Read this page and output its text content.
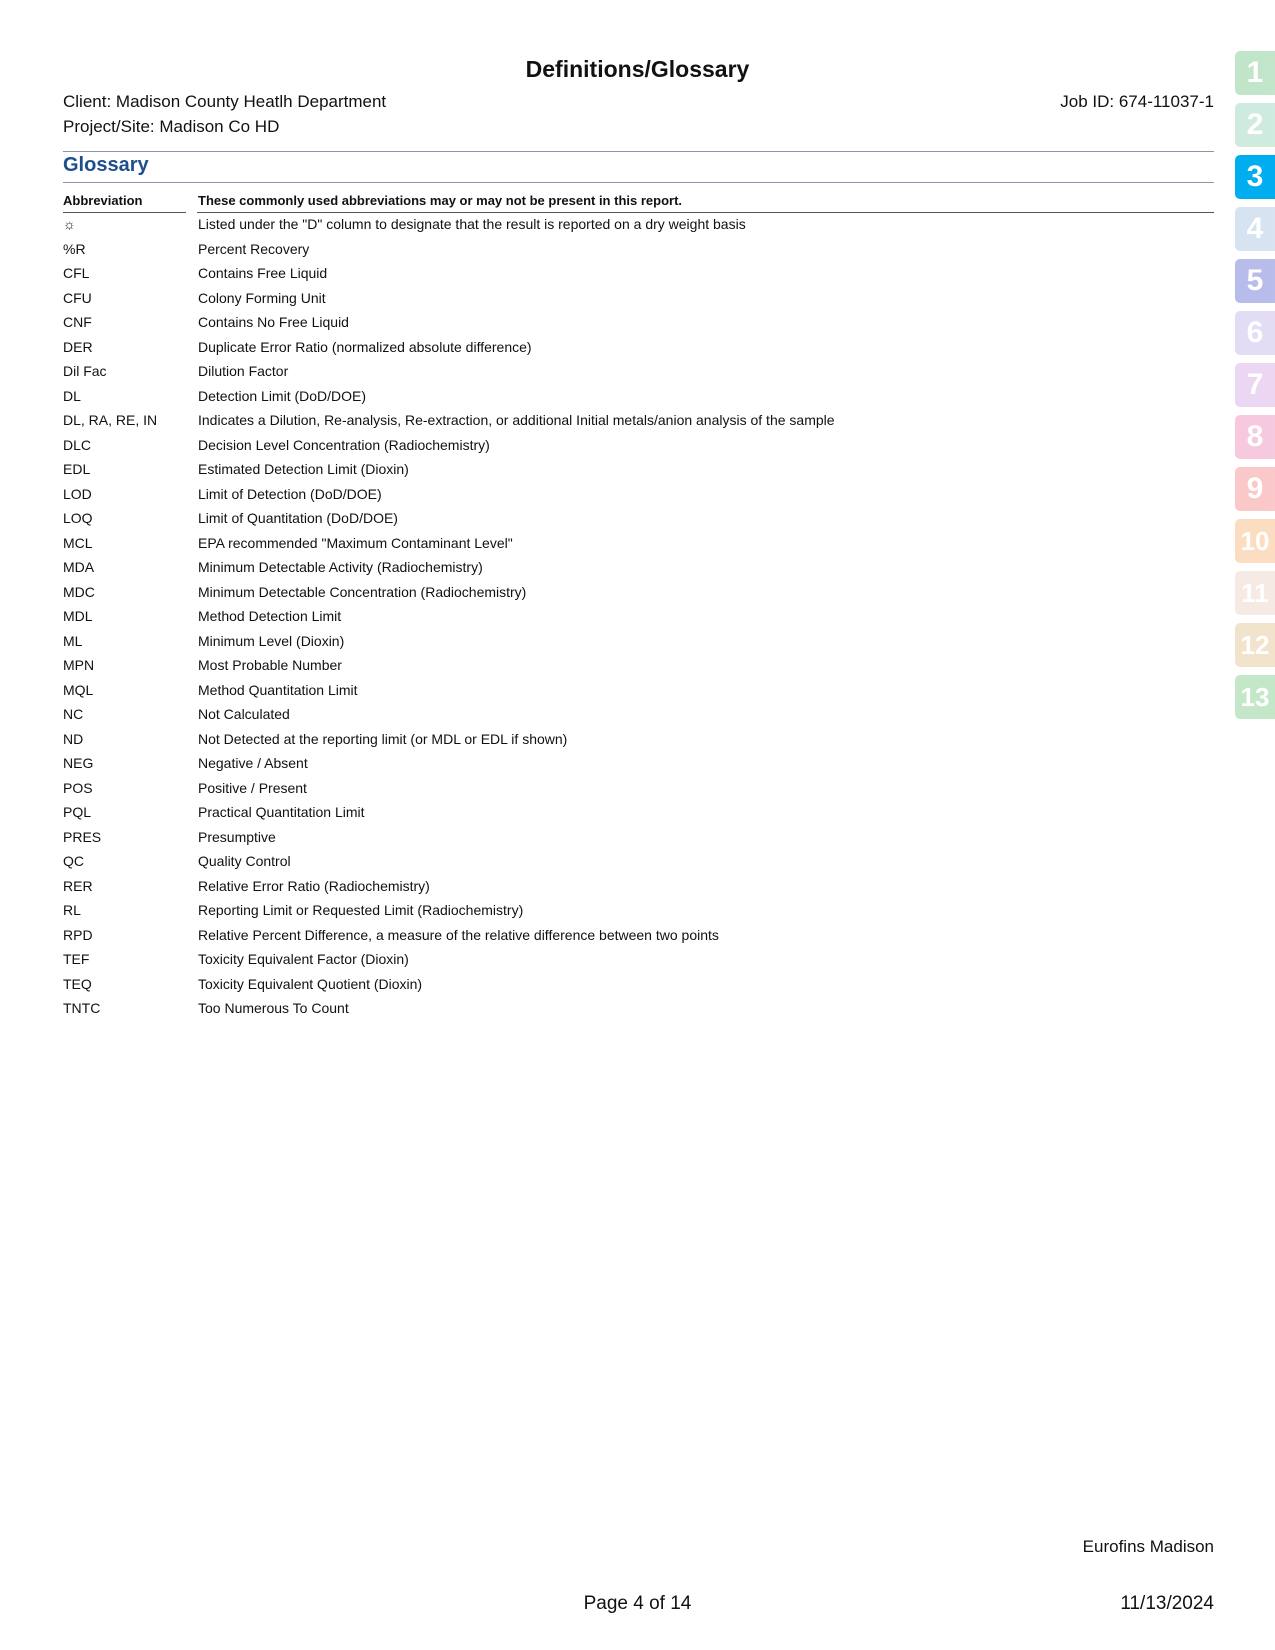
Definitions/Glossary
Client: Madison County Heatlh Department
Project/Site: Madison Co HD
Job ID: 674-11037-1
Glossary
Abbreviation	These commonly used abbreviations may or may not be present in this report.
☼	Listed under the "D" column to designate that the result is reported on a dry weight basis
%R	Percent Recovery
CFL	Contains Free Liquid
CFU	Colony Forming Unit
CNF	Contains No Free Liquid
DER	Duplicate Error Ratio (normalized absolute difference)
Dil Fac	Dilution Factor
DL	Detection Limit (DoD/DOE)
DL, RA, RE, IN	Indicates a Dilution, Re-analysis, Re-extraction, or additional Initial metals/anion analysis of the sample
DLC	Decision Level Concentration (Radiochemistry)
EDL	Estimated Detection Limit (Dioxin)
LOD	Limit of Detection (DoD/DOE)
LOQ	Limit of Quantitation (DoD/DOE)
MCL	EPA recommended "Maximum Contaminant Level"
MDA	Minimum Detectable Activity (Radiochemistry)
MDC	Minimum Detectable Concentration (Radiochemistry)
MDL	Method Detection Limit
ML	Minimum Level (Dioxin)
MPN	Most Probable Number
MQL	Method Quantitation Limit
NC	Not Calculated
ND	Not Detected at the reporting limit (or MDL or EDL if shown)
NEG	Negative / Absent
POS	Positive / Present
PQL	Practical Quantitation Limit
PRES	Presumptive
QC	Quality Control
RER	Relative Error Ratio (Radiochemistry)
RL	Reporting Limit or Requested Limit (Radiochemistry)
RPD	Relative Percent Difference, a measure of the relative difference between two points
TEF	Toxicity Equivalent Factor (Dioxin)
TEQ	Toxicity Equivalent Quotient (Dioxin)
TNTC	Too Numerous To Count
Eurofins Madison
Page 4 of 14	11/13/2024
1
2
3
4
5
6
7
8
9
10
11
12
13
